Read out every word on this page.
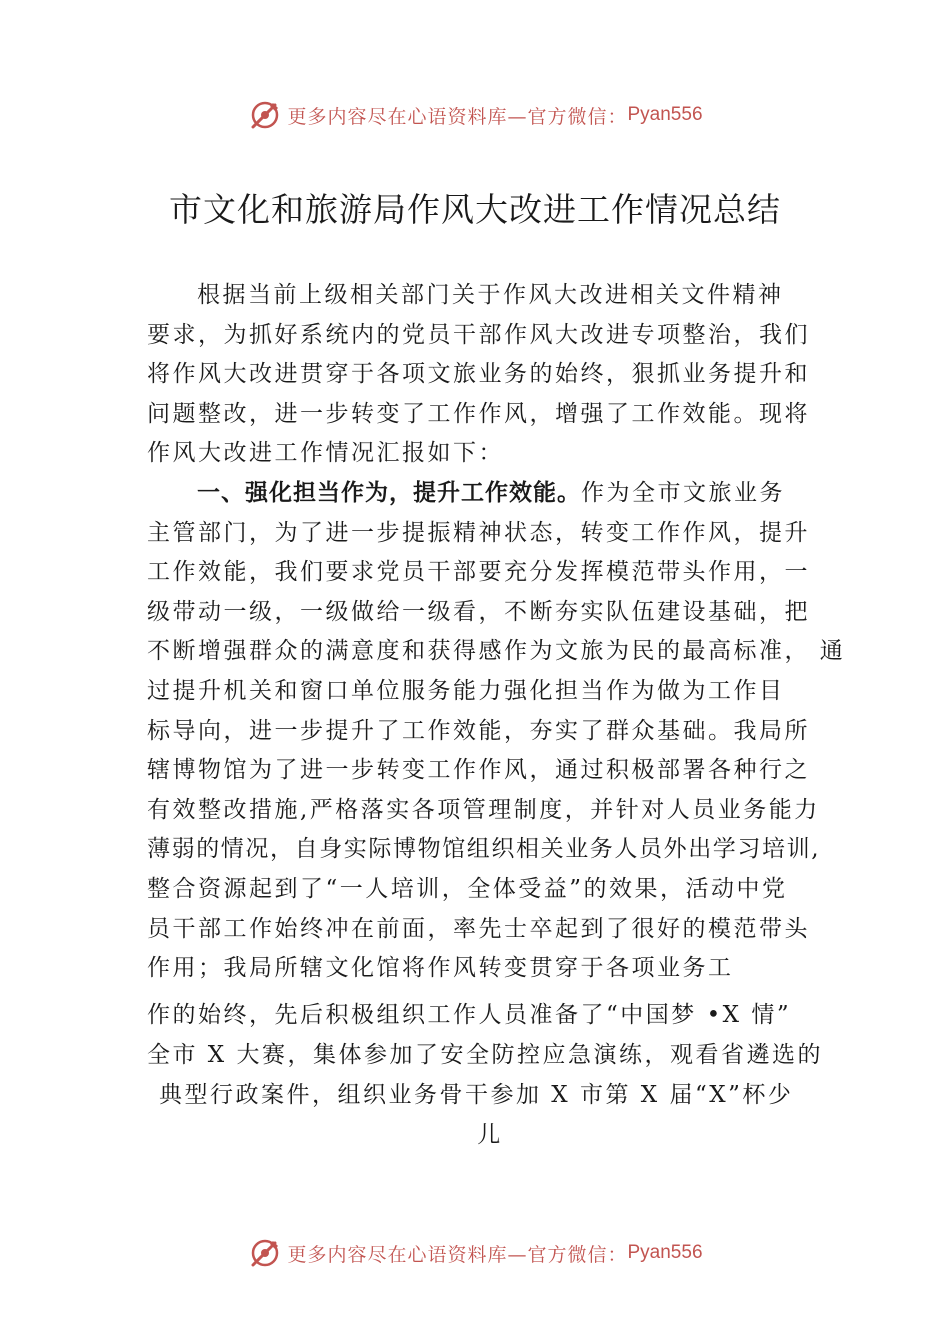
更多内容尽在心语资料库—官方微信： Pyan556
市文化和旅游局作风大改进工作情况总结
根据当前上级相关部门关于作风大改进相关文件精神
要求，为抓好系统内的党员干部作风大改进专项整治，我们
将作风大改进贯穿于各项文旅业务的始终，狠抓业务提升和
问题整改，进一步转变了工作作风，增强了工作效能。现将
作风大改进工作情况汇报如下：
一、强化担当作为，提升工作效能。作为全市文旅业务
主管部门，为了进一步提振精神状态，转变工作作风，提升
工作效能，我们要求党员干部要充分发挥模范带头作用，一
级带动一级，一级做给一级看，不断夯实队伍建设基础，把
不断增强群众的满意度和获得感作为文旅为民的最高标准， 通
过提升机关和窗口单位服务能力强化担当作为做为工作目
标导向，进一步提升了工作效能，夯实了群众基础。我局所
辖博物馆为了进一步转变工作作风，通过积极部署各种行之
有效整改措施,严格落实各项管理制度，并针对人员业务能力
薄弱的情况，自身实际博物馆组织相关业务人员外出学习培训,
整合资源起到了“一人培训，全体受益”的效果，活动中党
员干部工作始终冲在前面，率先士卒起到了很好的模范带头
作用；我局所辖文化馆将作风转变贯穿于各项业务工
作的始终，先后积极组织工作人员准备了“中国梦 •X 情”
全市 X 大赛，集体参加了安全防控应急演练，观看省遴选的
典型行政案件，组织业务骨干参加 X 市第 X 届“X”杯少
儿
更多内容尽在心语资料库—官方微信： Pyan556
